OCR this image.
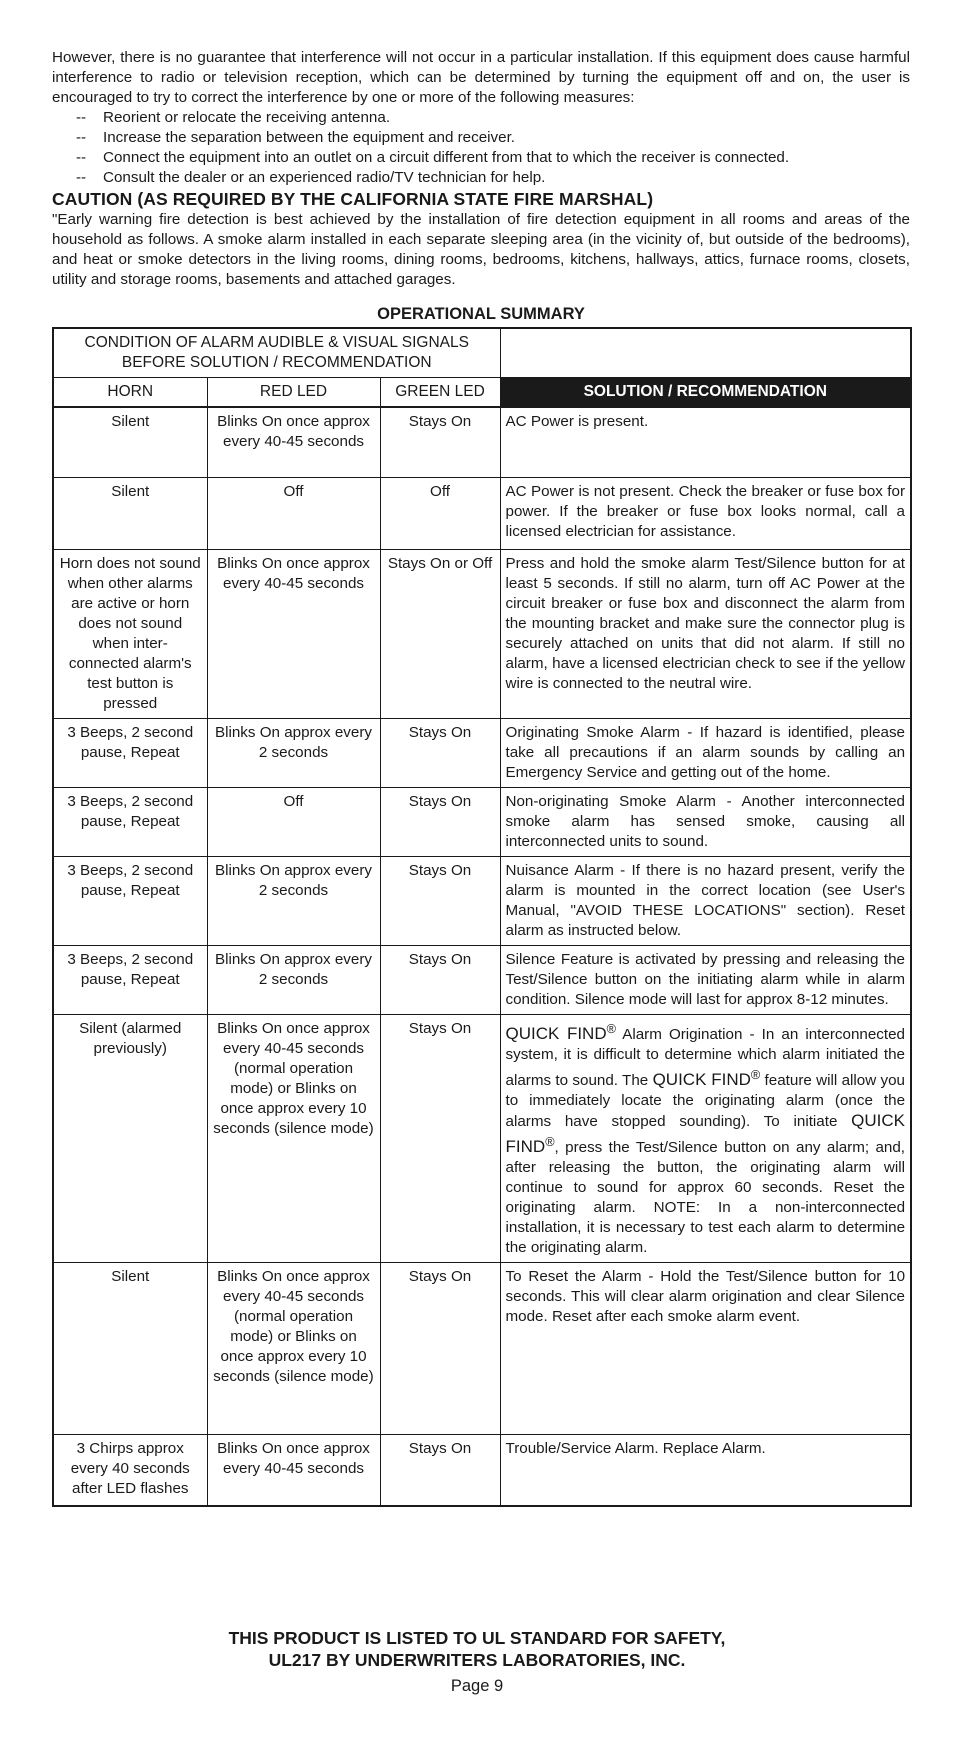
However, there is no guarantee that interference will not occur in a particular installation. If this equipment does cause harmful interference to radio or television reception, which can be determined by turning the equipment off and on, the user is encouraged to try to correct the interference by one or more of the following measures:

--	Reorient or relocate the receiving antenna.
--	Increase the separation between the equipment and receiver.
--	Connect the equipment into an outlet on a circuit different from that to which the receiver is connected.
--	Consult the dealer or an experienced radio/TV technician for help.

CAUTION (AS REQUIRED BY THE CALIFORNIA STATE FIRE MARSHAL)

"Early warning fire detection is best achieved by the installation of fire detection equipment in all rooms and areas of the household as follows. A smoke alarm installed in each separate sleeping area (in the vicinity of, but outside of the bedrooms), and heat or smoke detectors in the living rooms, dining rooms, bedrooms, kitchens, hallways, attics, furnace rooms, closets, utility and storage rooms, basements and attached garages.

OPERATIONAL SUMMARY

CONDITION OF ALARM AUDIBLE & VISUAL SIGNALS BEFORE SOLUTION / RECOMMENDATION		
HORN	RED LED	GREEN LED	SOLUTION / RECOMMENDATION
Silent	Blinks On once approx every 40-45 seconds	Stays On	AC Power is present.
Silent	Off	Off	AC Power is not present. Check the breaker or fuse box for power. If the breaker or fuse box looks normal, call a licensed electrician for assistance.
Horn does not sound when other alarms are active or horn does not sound when inter-connected alarm's test button is pressed	Blinks On once approx every 40-45 seconds	Stays On or Off	Press and hold the smoke alarm Test/Silence button for at least 5 seconds. If still no alarm, turn off AC Power at the circuit breaker or fuse box and disconnect the alarm from the mounting bracket and make sure the connector plug is securely attached on units that did not alarm. If still no alarm, have a licensed electrician check to see if the yellow wire is connected to the neutral wire.
3 Beeps, 2 second pause, Repeat	Blinks On approx every 2 seconds	Stays On	Originating Smoke Alarm - If hazard is identified, please take all precautions if an alarm sounds by calling an Emergency Service and getting out of the home.
3 Beeps, 2 second pause, Repeat	Off	Stays On	Non-originating Smoke Alarm - Another interconnected smoke alarm has sensed smoke, causing all interconnected units to sound.
3 Beeps, 2 second pause, Repeat	Blinks On approx every 2 seconds	Stays On	Nuisance Alarm - If there is no hazard present, verify the alarm is mounted in the correct location (see User's Manual, "AVOID THESE LOCATIONS" section). Reset alarm as instructed below.
3 Beeps, 2 second pause, Repeat	Blinks On approx every 2 seconds	Stays On	Silence Feature is activated by pressing and releasing the Test/Silence button on the initiating alarm while in alarm condition. Silence mode will last for approx 8-12 minutes.
Silent (alarmed previously)	Blinks On once approx every 40-45 seconds (normal operation mode) or Blinks on once approx every 10 seconds (silence mode)	Stays On	QUICK FIND® Alarm Origination - In an interconnected system, it is difficult to determine which alarm initiated the alarms to sound. The QUICK FIND® feature will allow you to immediately locate the originating alarm (once the alarms have stopped sounding). To initiate QUICK FIND®, press the Test/Silence button on any alarm; and, after releasing the button, the originating alarm will continue to sound for approx 60 seconds. Reset the originating alarm. NOTE: In a non-interconnected installation, it is necessary to test each alarm to determine the originating alarm.
Silent	Blinks On once approx every 40-45 seconds (normal operation mode) or Blinks on once approx every 10 seconds (silence mode)	Stays On	To Reset the Alarm - Hold the Test/Silence button for 10 seconds. This will clear alarm origination and clear Silence mode. Reset after each smoke alarm event.
3 Chirps approx every 40 seconds after LED flashes	Blinks On once approx every 40-45 seconds	Stays On	Trouble/Service Alarm. Replace Alarm.

THIS PRODUCT IS LISTED TO UL STANDARD FOR SAFETY,

UL217 BY UNDERWRITERS LABORATORIES, INC.

Page 9
